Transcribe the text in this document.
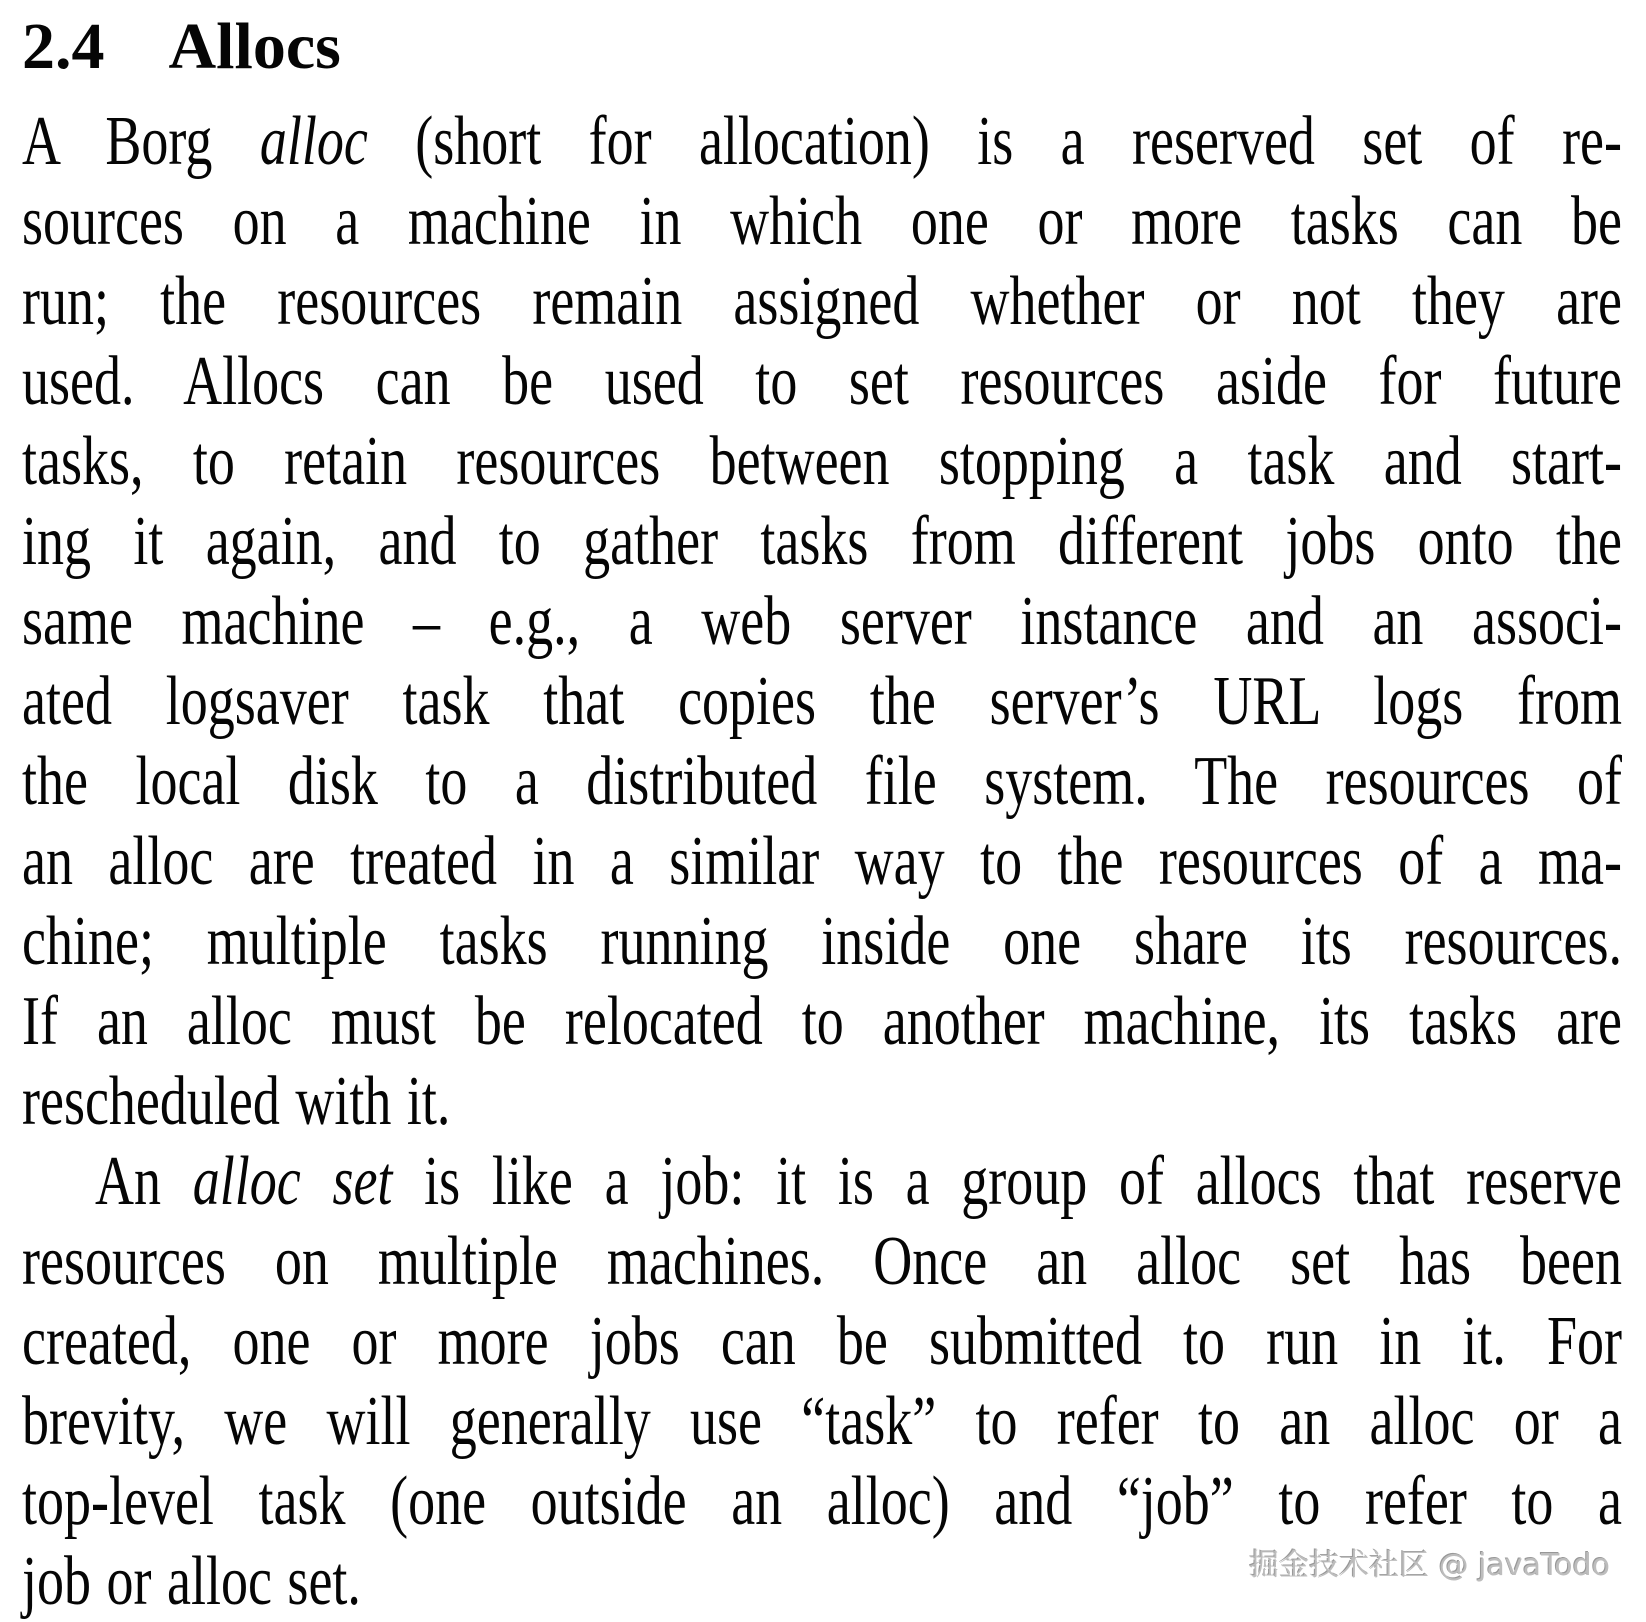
2.4 Allocs
A Borg alloc (short for allocation) is a reserved set of re-
sources on a machine in which one or more tasks can be
run; the resources remain assigned whether or not they are
used. Allocs can be used to set resources aside for future
tasks, to retain resources between stopping a task and start-
ing it again, and to gather tasks from different jobs onto the
same machine – e.g., a web server instance and an associ-
ated logsaver task that copies the server’s URL logs from
the local disk to a distributed file system. The resources of
an alloc are treated in a similar way to the resources of a ma-
chine; multiple tasks running inside one share its resources.
If an alloc must be relocated to another machine, its tasks are
rescheduled with it.
An alloc set is like a job: it is a group of allocs that reserve
resources on multiple machines. Once an alloc set has been
created, one or more jobs can be submitted to run in it. For
brevity, we will generally use “task” to refer to an alloc or a
top-level task (one outside an alloc) and “job” to refer to a
job or alloc set.	掘金技术社区 @ javaTodo
